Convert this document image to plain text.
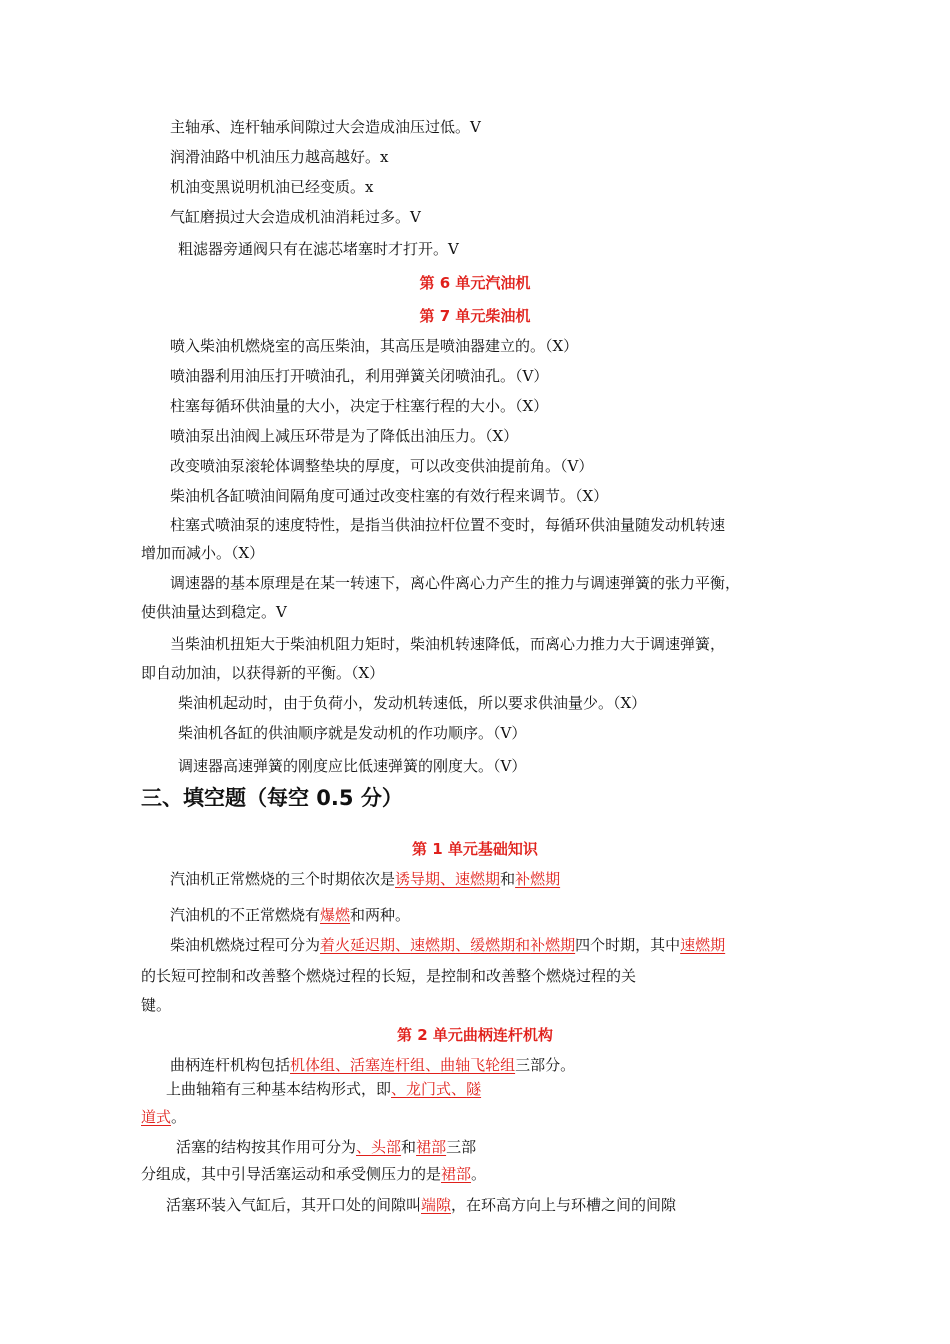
主轴承、连杆轴承间隙过大会造成油压过低。V
润滑油路中机油压力越高越好。x
机油变黑说明机油已经变质。x
气缸磨损过大会造成机油消耗过多。V
粗滤器旁通阀只有在滤芯堵塞时才打开。V
第 6 单元汽油机
第 7 单元柴油机
喷入柴油机燃烧室的高压柴油，其高压是喷油器建立的。（X）
喷油器利用油压打开喷油孔，利用弹簧关闭喷油孔。（V）
柱塞每循环供油量的大小，决定于柱塞行程的大小。（X）
喷油泵出油阀上减压环带是为了降低出油压力。（X）
改变喷油泵滚轮体调整垫块的厚度，可以改变供油提前角。（V）
柴油机各缸喷油间隔角度可通过改变柱塞的有效行程来调节。（X）
柱塞式喷油泵的速度特性，是指当供油拉杆位置不变时，每循环供油量随发动机转速
增加而减小。（X）
调速器的基本原理是在某一转速下，离心件离心力产生的推力与调速弹簧的张力平衡，
使供油量达到稳定。V
当柴油机扭矩大于柴油机阻力矩时，柴油机转速降低，而离心力推力大于调速弹簧，
即自动加油，以获得新的平衡。（X）
柴油机起动时，由于负荷小，发动机转速低，所以要求供油量少。（X）
柴油机各缸的供油顺序就是发动机的作功顺序。（V）
调速器高速弹簧的刚度应比低速弹簧的刚度大。（V）
三、填空题（每空 0.5 分）
第 1 单元基础知识
汽油机正常燃烧的三个时期依次是诱导期、速燃期和补燃期
汽油机的不正常燃烧有爆燃和两种。
柴油机燃烧过程可分为着火延迟期、速燃期、缓燃期和补燃期四个时期，其中速燃期
的长短可控制和改善整个燃烧过程的长短，是控制和改善整个燃烧过程的关
键。
第 2 单元曲柄连杆机构
曲柄连杆机构包括机体组、活塞连杆组、曲轴飞轮组三部分。
上曲轴箱有三种基本结构形式，即、龙门式、隧
道式。
活塞的结构按其作用可分为、头部和裙部三部
分组成，其中引导活塞运动和承受侧压力的是裙部。
活塞环装入气缸后，其开口处的间隙叫端隙，在环高方向上与环槽之间的间隙
